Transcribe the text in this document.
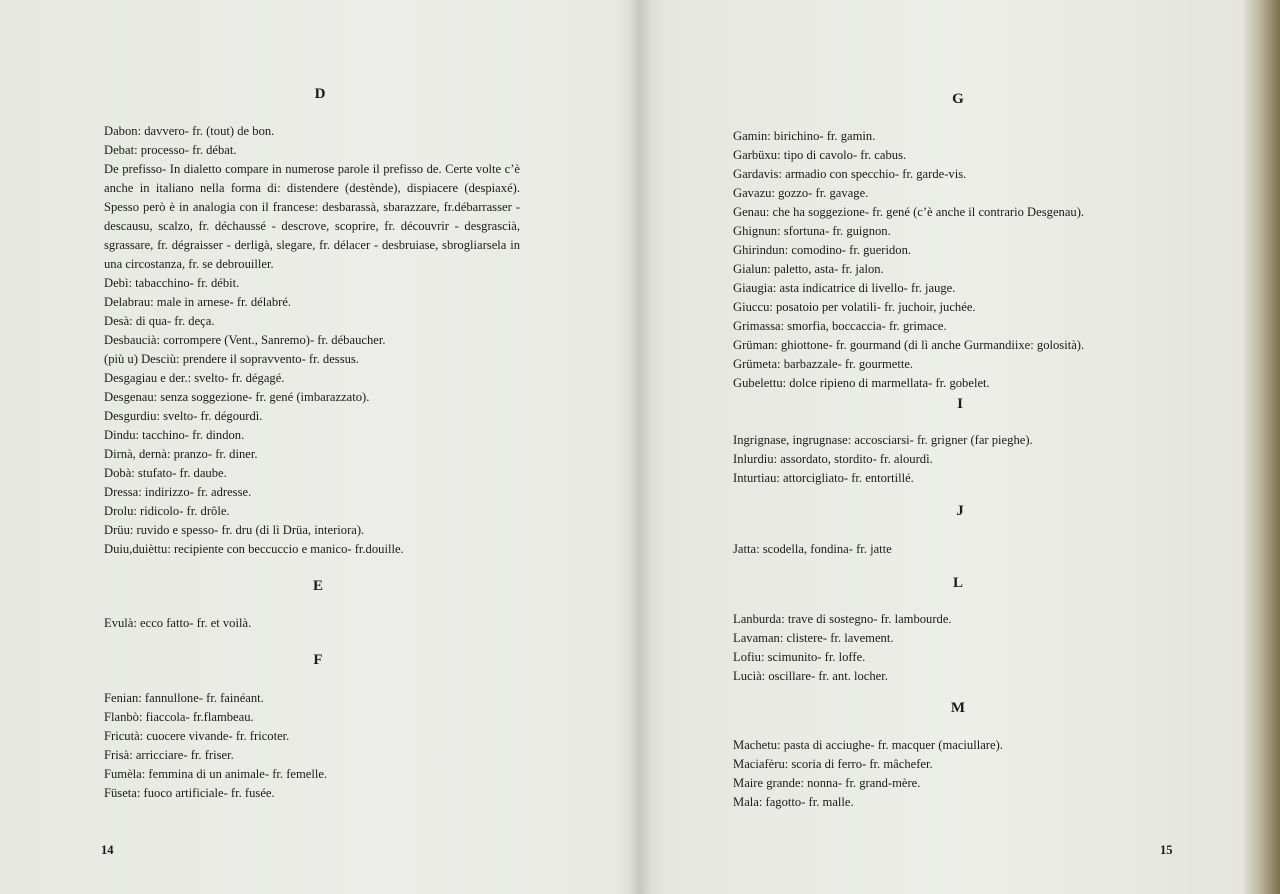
D
Dabon: davvero- fr. (tout) de bon.
Debat: processo- fr. débat.
De prefisso- In dialetto compare in numerose parole il prefisso de. Certe volte c’è anche in italiano nella forma di: distendere (destènde), dispiacere (despiaxé). Spesso però è in analogia con il francese: desbarassà, sbarazzare, fr.débarrasser - descausu, scalzo, fr. déchaussé - descrove, scoprire, fr. découvrir - desgrascià, sgrassare, fr. dégraisser - derligà, slegare, fr. délacer - desbruiase, sbrogliarsela in una circostanza, fr. se debrouiller.
Debì: tabacchino- fr. débit.
Delabrau: male in arnese- fr. délabré.
Desà: di qua- fr. deça.
Desbaucià: corrompere (Vent., Sanremo)- fr. débaucher.
(più u) Desciù: prendere il sopravvento- fr. dessus.
Desgagiau e der.: svelto- fr. dégagé.
Desgenau: senza soggezione- fr. gené (imbarazzato).
Desgurdiu: svelto- fr. dégourdì.
Dindu: tacchino- fr. dindon.
Dirnà, dernà: pranzo- fr. diner.
Dobà: stufato- fr. daube.
Dressa: indirizzo- fr. adresse.
Drolu: ridicolo- fr. drôle.
Drüu: ruvido e spesso- fr. dru (di lì Drüa, interiora).
Duiu,duièttu: recipiente con beccuccio e manico- fr.douille.
E
Evulà: ecco fatto- fr. et voilà.
F
Fenian: fannullone- fr. fainéant.
Flanbò: fiaccola- fr.flambeau.
Fricutà: cuocere vivande- fr. fricoter.
Frisà: arricciare- fr. friser.
Fumèla: femmina di un animale- fr. femelle.
Füseta: fuoco artificiale- fr. fusée.
14
G
Gamin: birichino- fr. gamin.
Garbüxu: tipo di cavolo- fr. cabus.
Gardavis: armadio con specchio- fr. garde-vis.
Gavazu: gozzo- fr. gavage.
Genau: che ha soggezione- fr. gené (c’è anche il contrario Desgenau).
Ghignun: sfortuna- fr. guignon.
Ghirindun: comodino- fr. gueridon.
Gialun: paletto, asta- fr. jalon.
Giaugia: asta indicatrice di livello- fr. jauge.
Giuccu: posatoio per volatili- fr. juchoir, juchée.
Grimassa: smorfia, boccaccia- fr. grimace.
Grüman: ghiottone- fr. gourmand (di lì anche Gurmandiixe: golosità).
Grümeta: barbazzale- fr. gourmette.
Gubelettu: dolce ripieno di marmellata- fr. gobelet.
I
Ingrignase, ingrugnase: accosciarsi- fr. grigner (far pieghe).
Inlurdiu: assordato, stordito- fr. alourdì.
Inturtiau: attorcigliato- fr. entortillé.
J
Jatta: scodella, fondina- fr. jatte
L
Lanburda: trave di sostegno- fr. lambourde.
Lavaman: clistere- fr. lavement.
Lofiu: scimunito- fr. loffe.
Lucià: oscillare- fr. ant. locher.
M
Machetu: pasta di acciughe- fr. macquer (maciullare).
Maciafèru: scoria di ferro- fr. mâchefer.
Maire grande: nonna- fr. grand-mère.
Mala: fagotto- fr. malle.
15
